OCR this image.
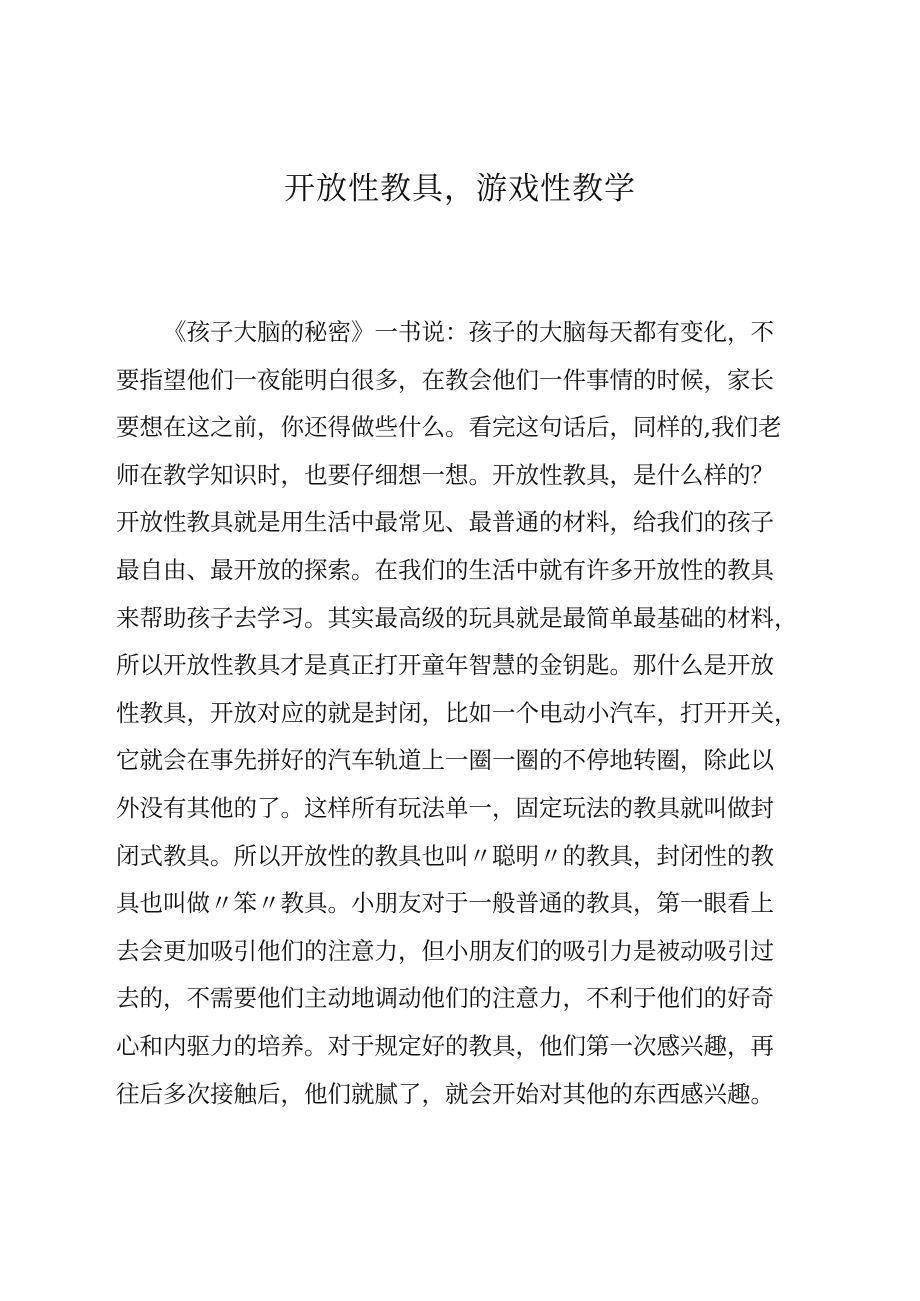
开放性教具，游戏性教学
《孩子大脑的秘密》一书说：孩子的大脑每天都有变化，不
要指望他们一夜能明白很多，在教会他们一件事情的时候，家长
要想在这之前，你还得做些什么。看完这句话后，同样的,我们老
师在教学知识时，也要仔细想一想。开放性教具，是什么样的？
开放性教具就是用生活中最常见、最普通的材料，给我们的孩子
最自由、最开放的探索。在我们的生活中就有许多开放性的教具
来帮助孩子去学习。其实最高级的玩具就是最简单最基础的材料，
所以开放性教具才是真正打开童年智慧的金钥匙。那什么是开放
性教具，开放对应的就是封闭，比如一个电动小汽车，打开开关，
它就会在事先拼好的汽车轨道上一圈一圈的不停地转圈，除此以
外没有其他的了。这样所有玩法单一，固定玩法的教具就叫做封
闭式教具。所以开放性的教具也叫〃聪明〃的教具，封闭性的教
具也叫做〃笨〃教具。小朋友对于一般普通的教具，第一眼看上
去会更加吸引他们的注意力，但小朋友们的吸引力是被动吸引过
去的，不需要他们主动地调动他们的注意力，不利于他们的好奇
心和内驱力的培养。对于规定好的教具，他们第一次感兴趣，再
往后多次接触后，他们就腻了，就会开始对其他的东西感兴趣。
